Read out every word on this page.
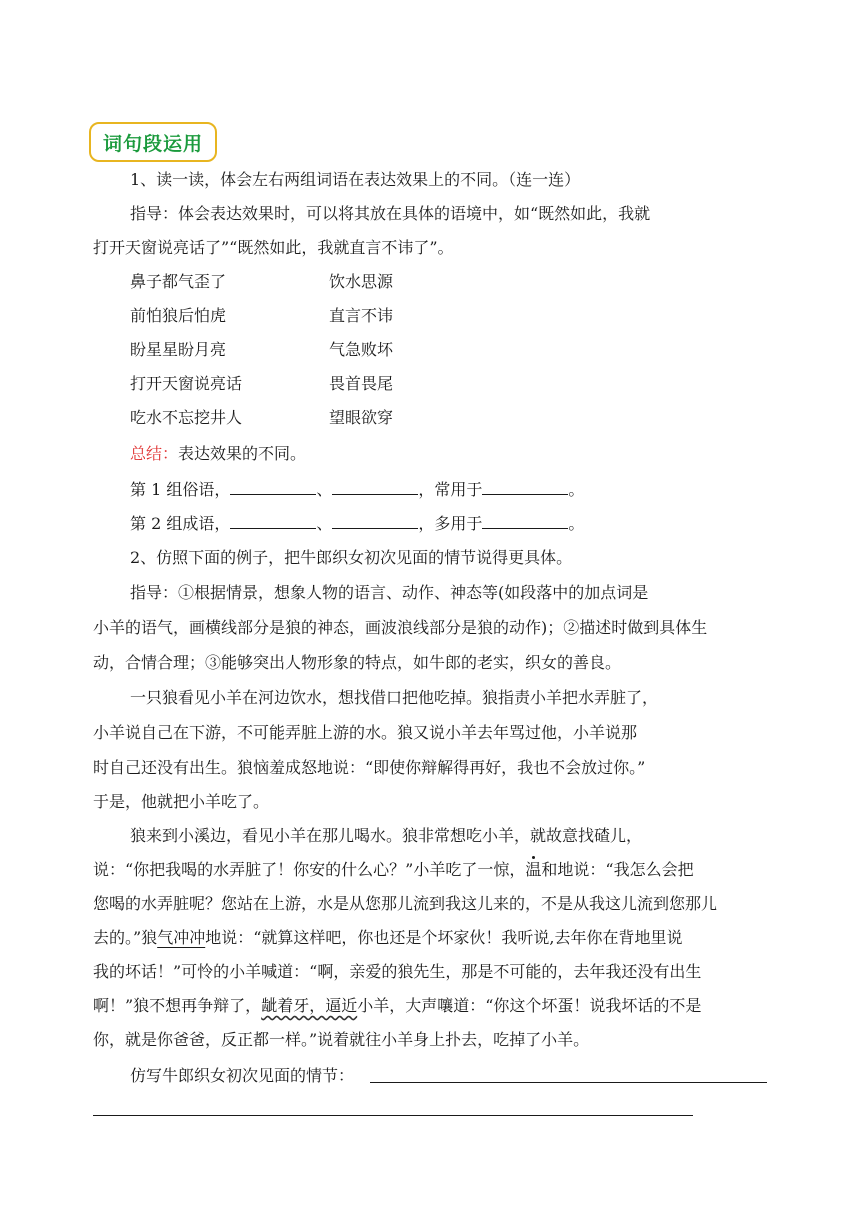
词句段运用
1、读一读，体会左右两组词语在表达效果上的不同。（连一连）
指导：体会表达效果时，可以将其放在具体的语境中，如“既然如此，我就
打开天窗说亮话了”“既然如此，我就直言不讳了”。
鼻子都气歪了	饮水思源
前怕狼后怕虎	直言不讳
盼星星盼月亮	气急败坏
打开天窗说亮话	畏首畏尾
吃水不忘挖井人	望眼欲穿
总结：表达效果的不同。
第 1 组俗语，	、	，常用于	。
第 2 组成语，	、	，多用于	。
2、仿照下面的例子，把牛郎织女初次见面的情节说得更具体。
指导：①根据情景，想象人物的语言、动作、神态等(如段落中的加点词是
小羊的语气，画横线部分是狼的神态，画波浪线部分是狼的动作)；②描述时做到具体生
动，合情合理；③能够突出人物形象的特点，如牛郎的老实，织女的善良。
一只狼看见小羊在河边饮水，想找借口把他吃掉。狼指责小羊把水弄脏了，
小羊说自己在下游，不可能弄脏上游的水。狼又说小羊去年骂过他，小羊说那
时自己还没有出生。狼恼羞成怒地说：“即使你辩解得再好，我也不会放过你。”
于是，他就把小羊吃了。
狼来到小溪边，看见小羊在那儿喝水。狼非常想吃小羊，就故意找碴儿，
说：“你把我喝的水弄脏了！你安的什么心？”小羊吃了一惊，温和地说：“我怎么会把
您喝的水弄脏呢？您站在上游，水是从您那儿流到我这儿来的，不是从我这儿流到您那儿
去的。”狼气冲冲地说：“就算这样吧，你也还是个坏家伙！我听说,去年你在背地里说
我的坏话！”可怜的小羊喊道：“啊，亲爱的狼先生，那是不可能的，去年我还没有出生
啊！”狼不想再争辩了，龇着牙，逼近小羊，大声嚷道：“你这个坏蛋！说我坏话的不是
你，就是你爸爸，反正都一样。”说着就往小羊身上扑去，吃掉了小羊。
仿写牛郎织女初次见面的情节：
